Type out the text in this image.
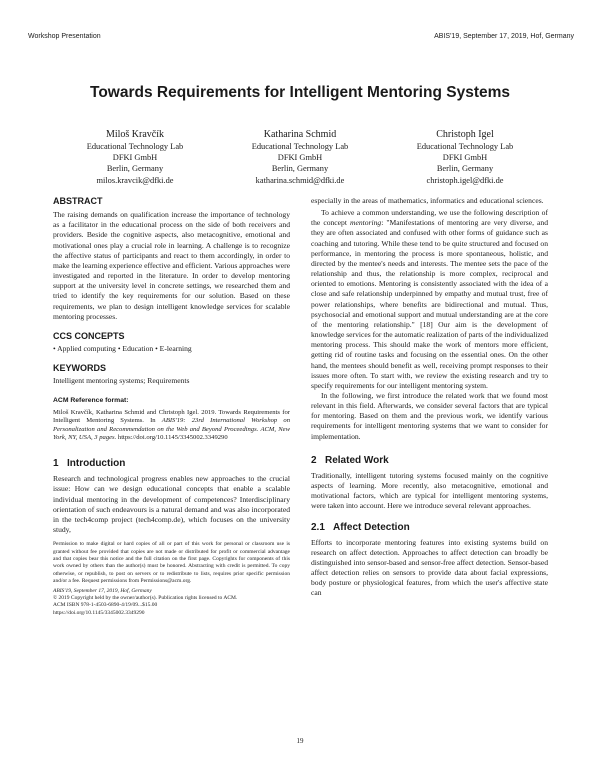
Workshop Presentation	ABIS'19, September 17, 2019, Hof, Germany
Towards Requirements for Intelligent Mentoring Systems
Miloš Kravčík
Educational Technology Lab
DFKI GmbH
Berlin, Germany
milos.kravcik@dfki.de
Katharina Schmid
Educational Technology Lab
DFKI GmbH
Berlin, Germany
katharina.schmid@dfki.de
Christoph Igel
Educational Technology Lab
DFKI GmbH
Berlin, Germany
christoph.igel@dfki.de
ABSTRACT

The raising demands on qualification increase the importance of technology as a facilitator in the educational process on the side of both receivers and providers. Beside the cognitive aspects, also metacognitive, emotional and motivational ones play a crucial role in learning. A challenge is to recognize the affective status of participants and react to them accordingly, in order to make the learning experience effective and efficient. Various approaches were investigated and reported in the literature. In order to develop mentoring support at the university level in concrete settings, we researched them and tried to identify the key requirements for our solution. Based on these requirements, we plan to design intelligent knowledge services for scalable mentoring processes.

CCS CONCEPTS

• Applied computing • Education • E-learning

KEYWORDS

Intelligent mentoring systems; Requirements

ACM Reference format:
Miloš Kravčík, Katharina Schmid and Christoph Igel. 2019. Towards Requirements for Intelligent Mentoring Systems. In ABIS'19: 23rd International Workshop on Personalization and Recommendation on the Web and Beyond Proceedings. ACM, New York, NY, USA, 3 pages. https://doi.org/10.1145/3345002.3349290
1 Introduction

Research and technological progress enables new approaches to the crucial issue: How can we design educational concepts that enable a scalable individual mentoring in the development of competences? Interdisciplinary orientation of such endeavours is a natural demand and was also incorporated in the tech4comp project (tech4comp.de), which focuses on the university study,

Permission to make digital or hard copies of all or part of this work for personal or classroom use is granted without fee provided that copies are not made or distributed for profit or commercial advantage and that copies bear this notice and the full citation on the first page. Copyrights for components of this work owned by others than the author(s) must be honored. Abstracting with credit is permitted. To copy otherwise, or republish, to post on servers or to redistribute to lists, requires prior specific permission and/or a fee. Request permissions from Permissions@acm.org.

ABIS'19, September 17, 2019, Hof, Germany

© 2019 Copyright held by the owner/author(s). Publication rights licensed to ACM.

ACM ISBN 978-1-4503-6890-4/19/09...$15.00

https://doi.org/10.1145/3345002.3349290

especially in the areas of mathematics, informatics and educational sciences.

To achieve a common understanding, we use the following description of the concept mentoring: "Manifestations of mentoring are very diverse, and they are often associated and confused with other forms of guidance such as coaching and tutoring. While these tend to be quite structured and focused on performance, in mentoring the process is more spontaneous, holistic, and directed by the mentee's needs and interests. The mentee sets the pace of the relationship and thus, the relationship is more complex, reciprocal and oriented to emotions. Mentoring is consistently associated with the idea of a close and safe relationship underpinned by empathy and mutual trust, free of power relationships, where benefits are bidirectional and mutual. Thus, psychosocial and emotional support and mutual understanding are at the core of the mentoring relationship." [18] Our aim is the development of knowledge services for the automatic realization of parts of the individualized mentoring process. This should make the work of mentors more efficient, getting rid of routine tasks and focusing on the essential ones. On the other hand, the mentees should benefit as well, receiving prompt responses to their issues more often. To start with, we review the existing research and try to specify requirements for our intelligent mentoring system.

In the following, we first introduce the related work that we found most relevant in this field. Afterwards, we consider several factors that are typical for mentoring. Based on them and the previous work, we identify various requirements for intelligent mentoring systems that we want to consider for implementation.

2 Related Work

Traditionally, intelligent tutoring systems focused mainly on the cognitive aspects of learning. More recently, also metacognitive, emotional and motivational factors, which are typical for intelligent mentoring systems, were taken into account. Here we introduce several relevant approaches.

2.1 Affect Detection

Efforts to incorporate mentoring features into existing systems build on research on affect detection. Approaches to affect detection can broadly be distinguished into sensor-based and sensor-free affect detection. Sensor-based affect detection relies on sensors to provide data about facial expressions, body posture or physiological features, from which the user's affective state can

19
